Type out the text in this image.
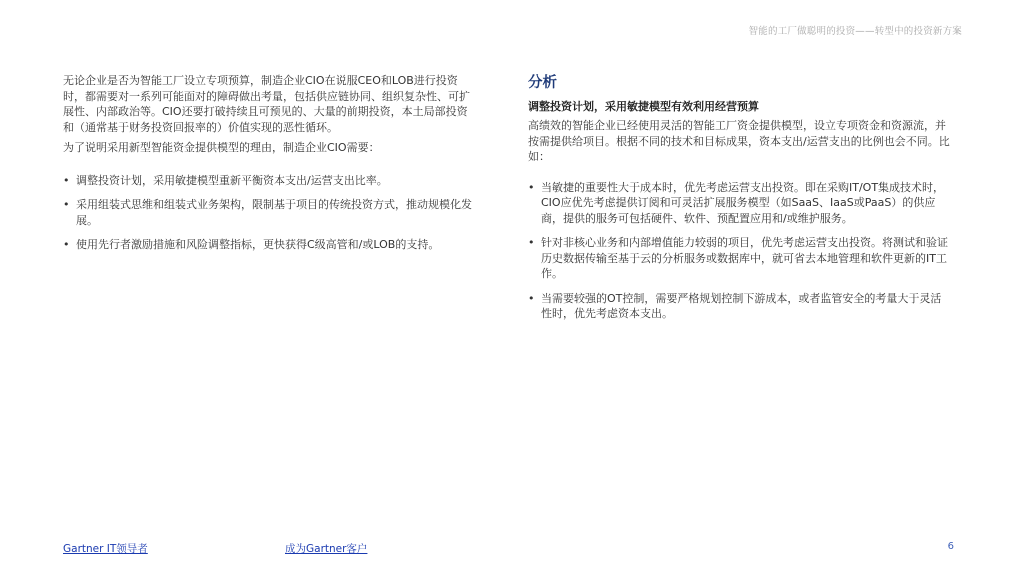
智能的工厂做聪明的投资——转型中的投资新方案

无论企业是否为智能工厂设立专项预算，制造企业CIO在说服CEO和LOB进行投资时，都需要对一系列可能面对的障碍做出考量，包括供应链协同、组织复杂性、可扩展性、内部政治等。CIO还要打破持续且可预见的、大量的前期投资，本土局部投资和（通常基于财务投资回报率的）价值实现的恶性循环。

为了说明采用新型智能资金提供模型的理由，制造企业CIO需要：

• 调整投资计划，采用敏捷模型重新平衡资本支出/运营支出比率。
• 采用组装式思维和组装式业务架构，限制基于项目的传统投资方式，推动规模化发展。
• 使用先行者激励措施和风险调整指标，更快获得C级高管和/或LOB的支持。
分析
调整投资计划，采用敏捷模型有效利用经营预算

高绩效的智能企业已经使用灵活的智能工厂资金提供模型，设立专项资金和资源流，并按需提供给项目。根据不同的技术和目标成果，资本支出/运营支出的比例也会不同。比如：

• 当敏捷的重要性大于成本时，优先考虑运营支出投资。即在采购IT/OT集成技术时，CIO应优先考虑提供订阅和可灵活扩展服务模型（如SaaS、IaaS或PaaS）的供应商，提供的服务可包括硬件、软件、预配置应用和/或维护服务。
• 针对非核心业务和内部增值能力较弱的项目，优先考虑运营支出投资。将测试和验证历史数据传输至基于云的分析服务或数据库中，就可省去本地管理和软件更新的IT工作。
• 当需要较强的OT控制，需要严格规划控制下游成本，或者监管安全的考量大于灵活性时，优先考虑资本支出。
Gartner IT领导者	成为Gartner客户	6
